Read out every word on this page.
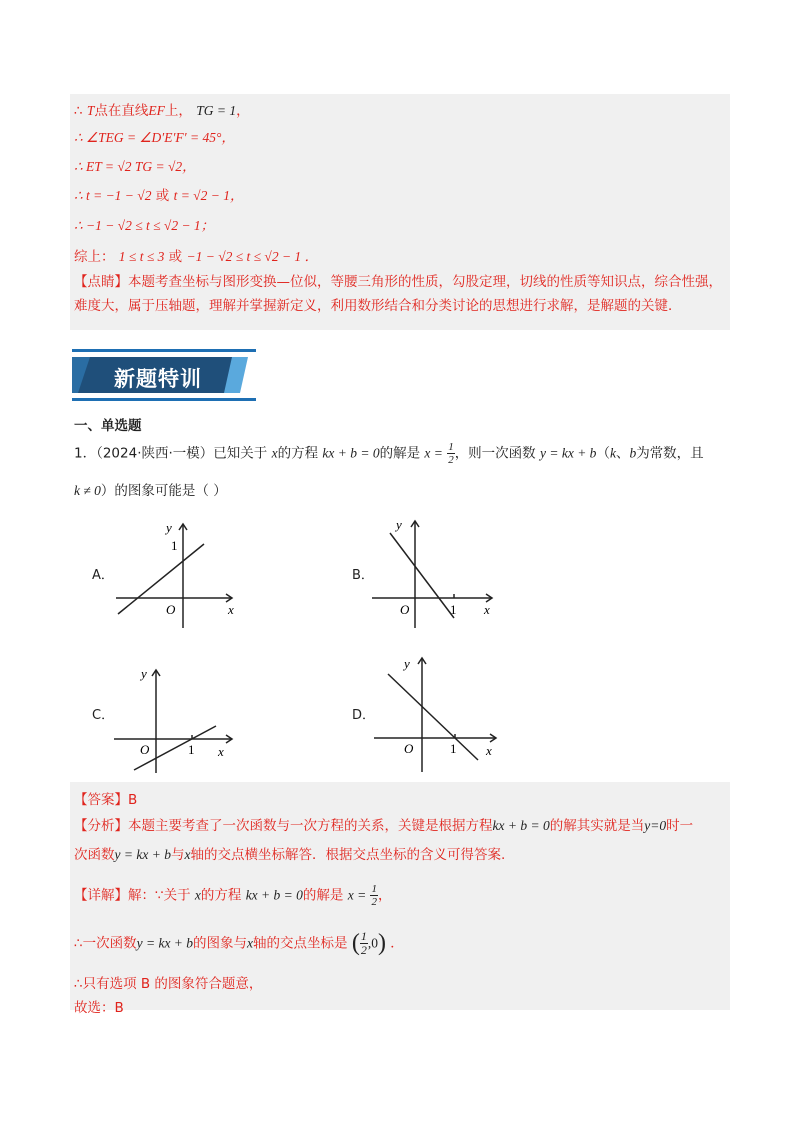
∴ T点在直线EF上， TG = 1，
∴ ∠TEG = ∠D′E′F′ = 45°，
∴ ET = √2 TG = √2，
∴ t = −1 − √2 或 t = √2 − 1，
∴ −1 − √2 ≤ t ≤ √2 − 1；
综上： 1 ≤ t ≤ 3 或 −1 − √2 ≤ t ≤ √2 − 1 ．
【点睛】本题考查坐标与图形变换—位似，等腰三角形的性质，勾股定理，切线的性质等知识点，综合性强，难度大，属于压轴题，理解并掌握新定义，利用数形结合和分类讨论的思想进行求解，是解题的关键．
新题特训
一、单选题
1．（2024·陕西·一模）已知关于 x的方程 kx + b = 0的解是 $x = \frac{1}{2}$ ，则一次函数 y = kx + b（k、b为常数，且
k ≠ 0）的图象可能是（ ）
A．
1
O	x
y
B．
O	1 x
y
C．
O	1 x
y
D．
O	1 x
y
【答案】B
【分析】本题主要考查了一次函数与一次方程的关系，关键是根据方程kx + b = 0的解其实就是当y=0时一
次函数y = kx + b与x轴的交点横坐标解答．根据交点坐标的含义可得答案.
【详解】解：∵关于 x的方程 kx + b = 0的解是 $x = \frac{1}{2}$ ，
∴一次函数y = kx + b的图象与x轴的交点坐标是 ( $\frac{1}{2} ,0$) ．
∴只有选项 B 的图象符合题意，
故选：B
